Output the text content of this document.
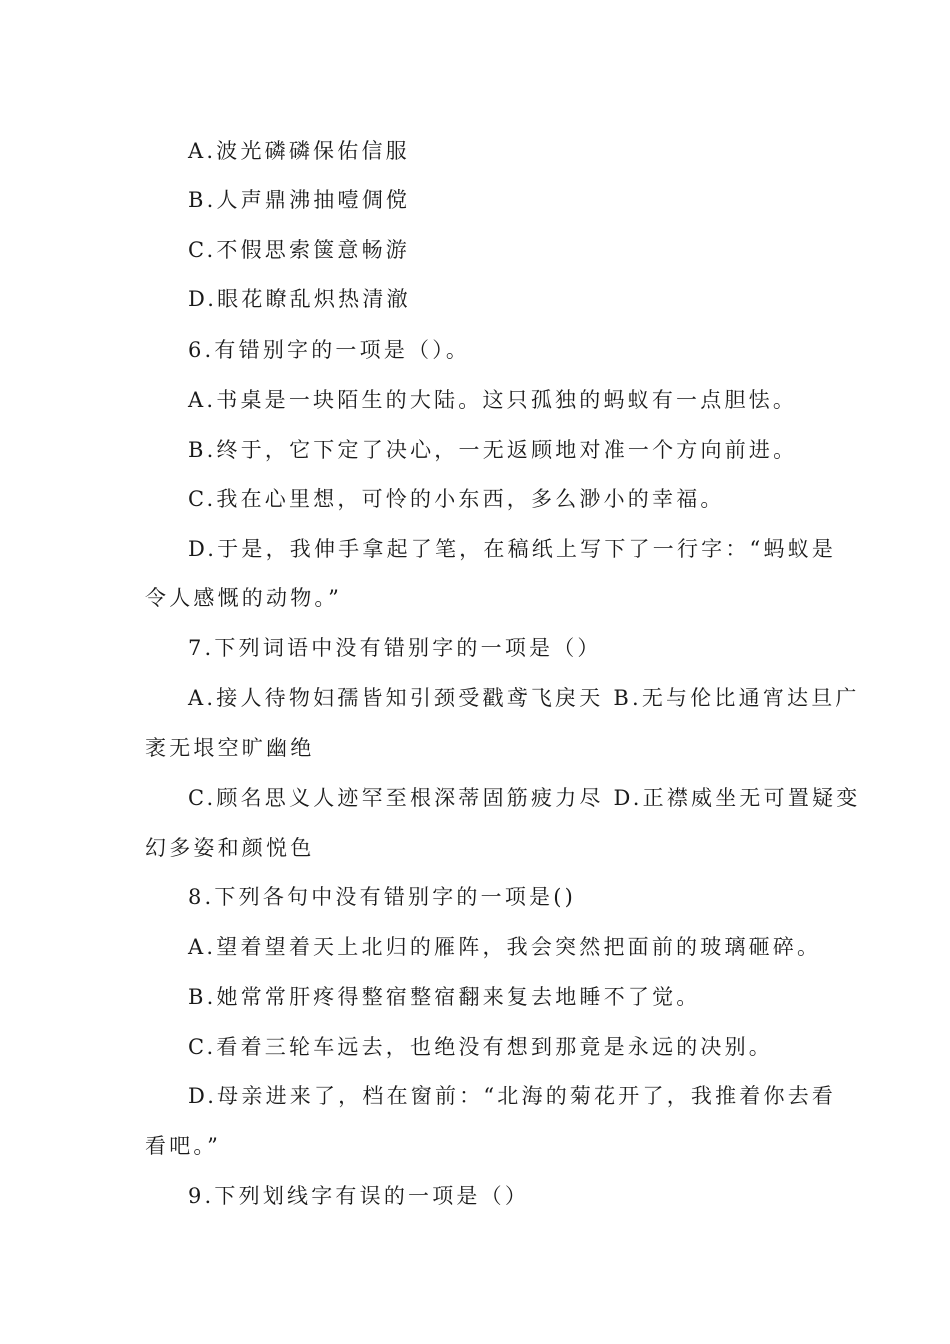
A.波光磷磷保佑信服
B.人声鼎沸抽噎倜傥
C.不假思索箧意畅游
D.眼花瞭乱炽热清澈
6.有错别字的一项是（）。
A.书桌是一块陌生的大陆。这只孤独的蚂蚁有一点胆怯。
B.终于，它下定了决心，一无返顾地对准一个方向前进。
C.我在心里想，可怜的小东西，多么渺小的幸福。
D.于是，我伸手拿起了笔，在稿纸上写下了一行字：“蚂蚁是
令人感慨的动物。”
7.下列词语中没有错别字的一项是（）
A.接人待物妇孺皆知引颈受戳鸢飞戾天 B.无与伦比通宵达旦广
袤无垠空旷幽绝
C.顾名思义人迹罕至根深蒂固筋疲力尽 D.正襟威坐无可置疑变
幻多姿和颜悦色
8.下列各句中没有错别字的一项是()
A.望着望着天上北归的雁阵，我会突然把面前的玻璃砸碎。
B.她常常肝疼得整宿整宿翻来复去地睡不了觉。
C.看着三轮车远去，也绝没有想到那竟是永远的决别。
D.母亲进来了，档在窗前：“北海的菊花开了，我推着你去看
看吧。”
9.下列划线字有误的一项是（）
